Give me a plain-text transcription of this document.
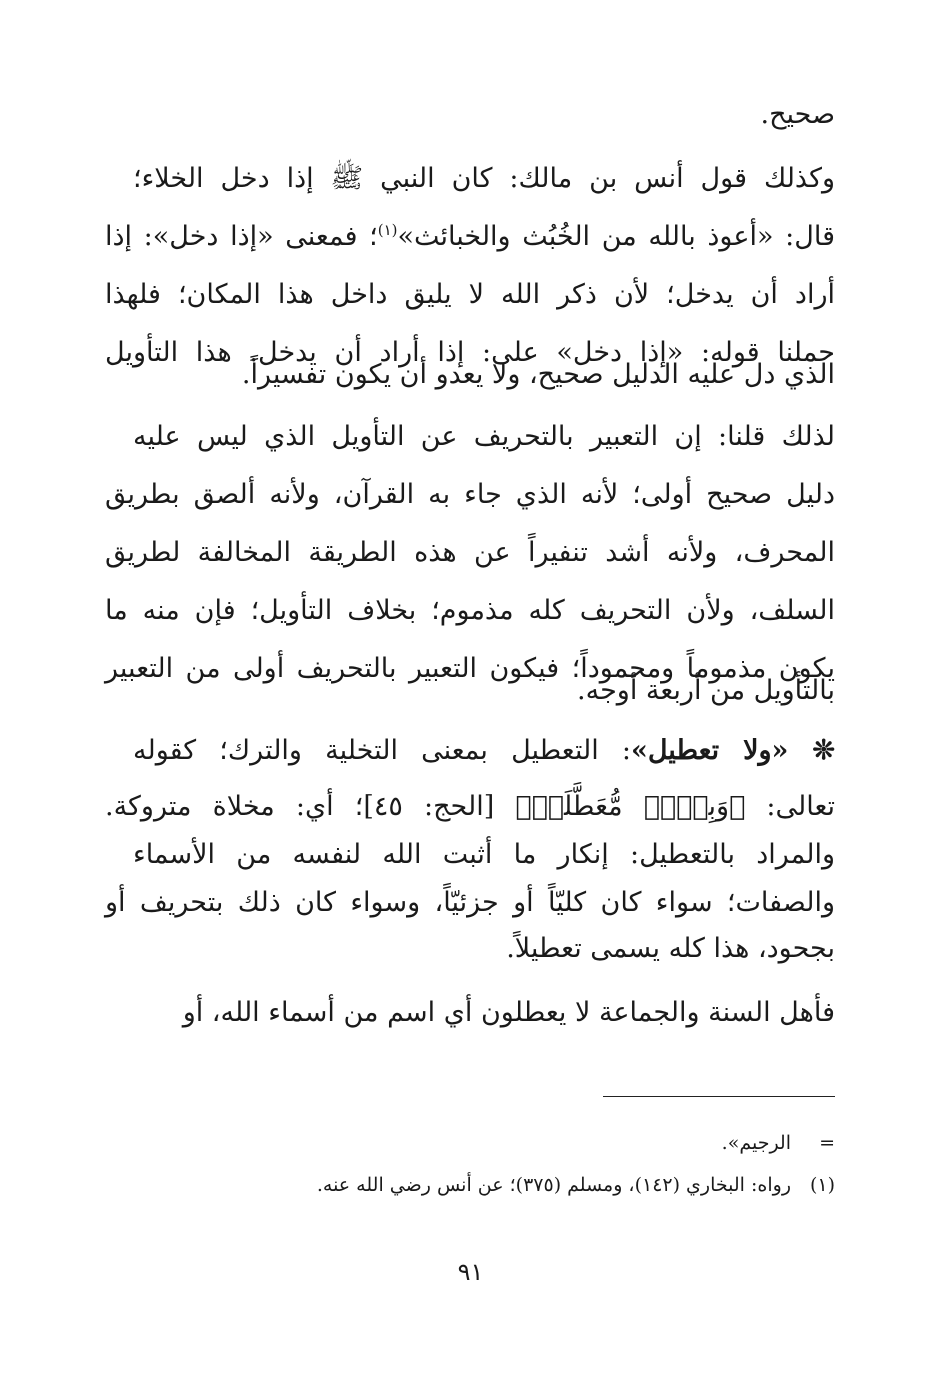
صحيح.
وكذلك قول أنس بن مالك: كان النبي ﷺ إذا دخل الخلاء؛
قال: «أعوذ بالله من الخُبُث والخبائث»$^{(١)}$؛ فمعنى «إذا دخل»: إذا
أراد أن يدخل؛ لأن ذكر الله لا يليق داخل هذا المكان؛ فلهذا
حملنا قوله: «إذا دخل» على: إذا أراد أن يدخل. هذا التأويل
الذي دل عليه الدليل صحيح، ولا يعدو أن يكون تفسيراً.
لذلك قلنا: إن التعبير بالتحريف عن التأويل الذي ليس عليه
دليل صحيح أولى؛ لأنه الذي جاء به القرآن، ولأنه ألصق بطريق
المحرف، ولأنه أشد تنفيراً عن هذه الطريقة المخالفة لطريق
السلف، ولأن التحريف كله مذموم؛ بخلاف التأويل؛ فإن منه ما
يكون مذموماً ومحموداً؛ فيكون التعبير بالتحريف أولى من التعبير
بالتأويل من أربعة أوجه.
❊ «ولا تعطيل»: التعطيل بمعنى التخلية والترك؛ كقوله
تعالى: ﴿وَبِئۡرٖ مُّعَطَّلَةٖ﴾ [الحج: ٤٥]؛ أي: مخلاة متروكة.
والمراد بالتعطيل: إنكار ما أثبت الله لنفسه من الأسماء
والصفات؛ سواء كان كليّاً أو جزئيّاً، وسواء كان ذلك بتحريف أو
بجحود، هذا كله يسمى تعطيلاً.
فأهل السنة والجماعة لا يعطلون أي اسم من أسماء الله، أو
=
الرجيم».
(١)
رواه: البخاري (١٤٢)، ومسلم (٣٧٥)؛ عن أنس رضي الله عنه.
٩١
